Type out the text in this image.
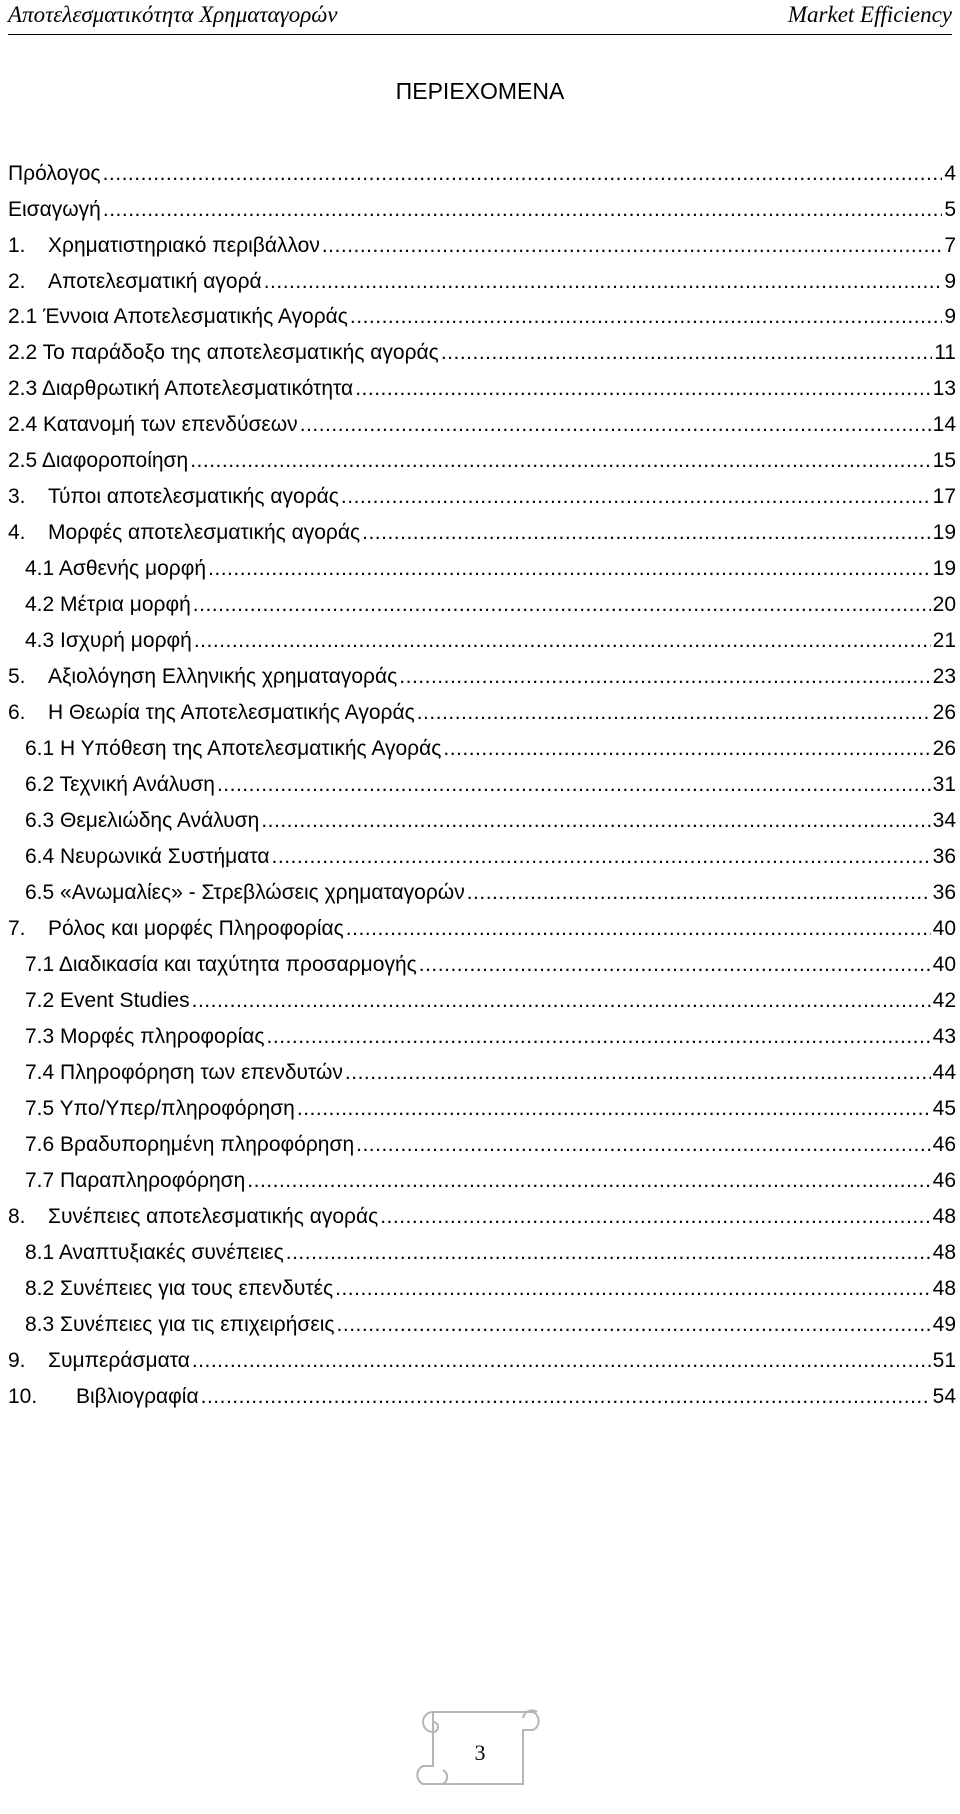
Αποτελεσματικότητα Χρηματαγορών	Market Efficiency
ΠΕΡΙΕΧΟΜΕΝΑ
Πρόλογος .....	4
Εισαγωγή .....	5
1.	Χρηματιστηριακό περιβάλλον .....	7
2.	Αποτελεσματική αγορά .....	9
2.1 Έννοια Αποτελεσματικής Αγοράς .....	9
2.2 Το παράδοξο της αποτελεσματικής αγοράς .....	11
2.3 Διαρθρωτική Αποτελεσματικότητα .....	13
2.4 Κατανομή των επενδύσεων .....	14
2.5 Διαφοροποίηση .....	15
3.	Τύποι αποτελεσματικής αγοράς .....	17
4.	Μορφές αποτελεσματικής αγοράς .....	19
4.1 Ασθενής μορφή .....	19
4.2 Μέτρια μορφή .....	20
4.3 Ισχυρή μορφή .....	21
5.	Αξιολόγηση Ελληνικής χρηματαγοράς .....	23
6.	Η Θεωρία της Αποτελεσματικής Αγοράς .....	26
6.1 Η Υπόθεση της Αποτελεσματικής Αγοράς .....	26
6.2 Τεχνική Ανάλυση .....	31
6.3 Θεμελιώδης Ανάλυση .....	34
6.4 Νευρωνικά Συστήματα .....	36
6.5 «Ανωμαλίες» - Στρεβλώσεις χρηματαγορών .....	36
7.	Ρόλος και μορφές Πληροφορίας .....	40
7.1 Διαδικασία και ταχύτητα προσαρμογής .....	40
7.2 Event Studies .....	42
7.3 Μορφές πληροφορίας .....	43
7.4 Πληροφόρηση των επενδυτών .....	44
7.5 Υπο/Υπερ/πληροφόρηση .....	45
7.6 Βραδυπορημένη πληροφόρηση .....	46
7.7 Παραπληροφόρηση .....	46
8.	Συνέπειες αποτελεσματικής αγοράς .....	48
8.1 Αναπτυξιακές συνέπειες .....	48
8.2 Συνέπειες για τους επενδυτές .....	48
8.3 Συνέπειες για τις επιχειρήσεις .....	49
9.	Συμπεράσματα .....	51
10.	Βιβλιογραφία .....	54
3
